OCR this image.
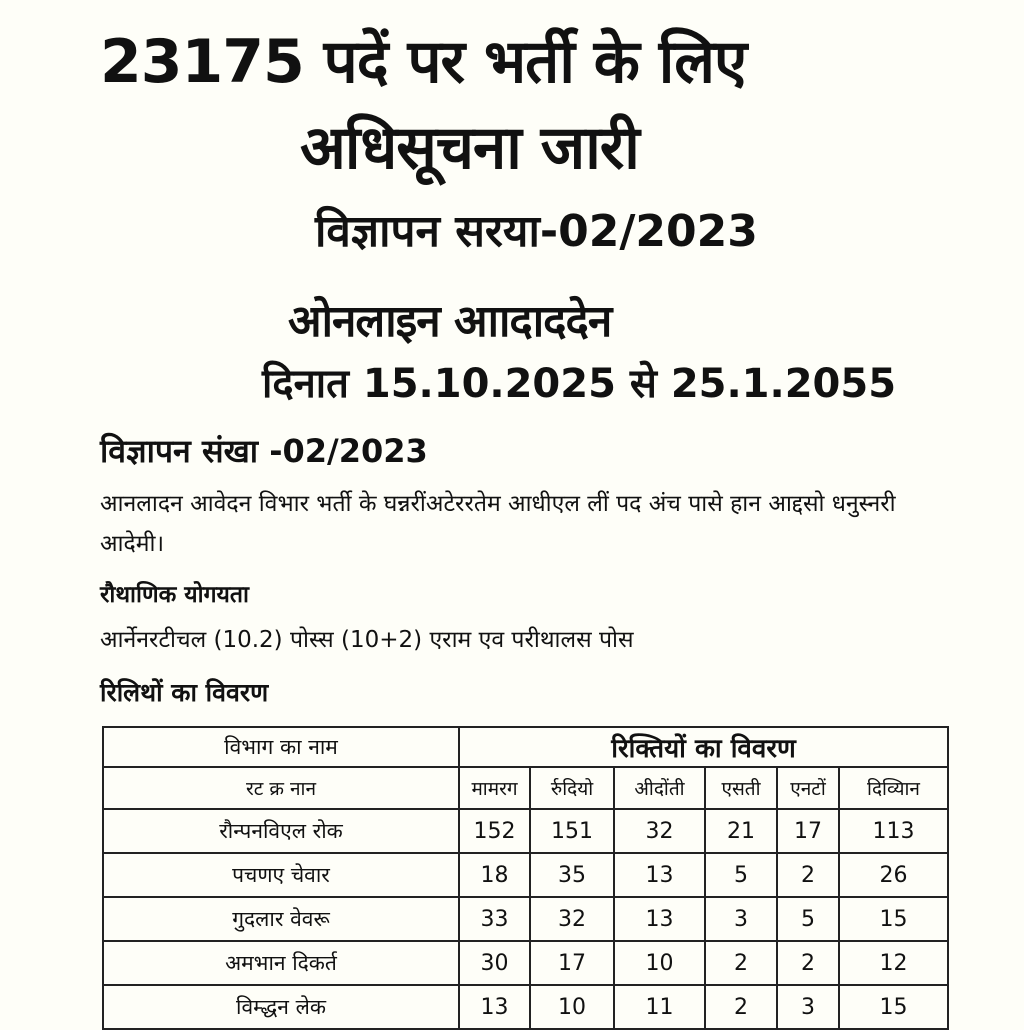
23175 पदें पर भर्ती के लिए
अधिसूचना जारी
विज्ञापन सरया-02/2023
ओनलाइन आादाददेन
दिनात 15.10.2025 से 25.1.2055
विज्ञापन संखा -02/2023
आनलादन आवेदन विभार भर्ती के घन्नरींअटेररतेम आधीएल लीं पद अंच पासे हान आद्दसो धनुस्नरी आदेमी।
रौथाणिक योगयता
आर्नेनरटीचल (10.2) पोस्स (10+2) एराम एव परीथालस पोस
रिलिथों का विवरण
विभाग का नाम	रिक्तियों का विवरण					
रट क्र नान	मामरग	र्रुदियो	अीदोंती	एसती	एनटों	दिव्यिान
रौन्पनविएल रोक	152	151	32	21	17	113
पचणए चेवार	18	35	13	5	2	26
गुदलार वेवरू	33	32	13	3	5	15
अमभान दिकर्त	30	17	10	2	2	12
विम्द्धन लेक	13	10	11	2	3	15
